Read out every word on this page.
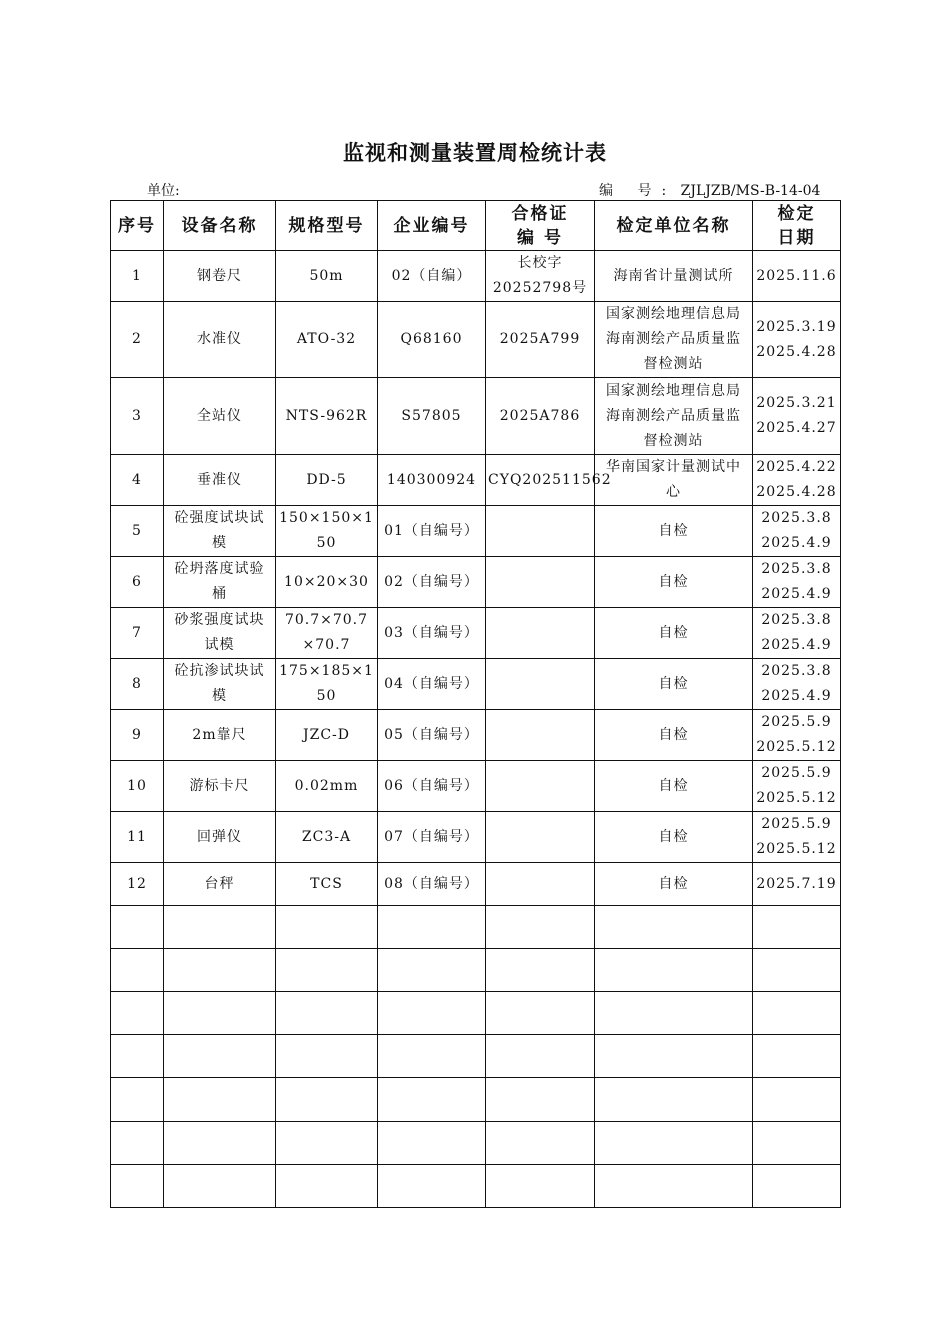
监视和测量装置周检统计表
单位:	编 号: ZJLJZB/MS-B-14-04
序号	设备名称	规格型号	企业编号	合格证
编 号	检定单位名称	检定
日期
1	钢卷尺	50m	02（自编）	长校字
20252798号	海南省计量测试所	2025.11.6
2	水准仪	ATO-32	Q68160	2025A799	国家测绘地理信息局
海南测绘产品质量监
督检测站	2025.3.19
2025.4.28
3	全站仪	NTS-962R	S57805	2025A786	国家测绘地理信息局
海南测绘产品质量监
督检测站	2025.3.21
2025.4.27
4	垂准仪	DD-5	140300924	CYQ202511562	华南国家计量测试中
心	2025.4.22
2025.4.28
5	砼强度试块试
模	150×150×1
50	01（自编号）		自检	2025.3.8
2025.4.9
6	砼坍落度试验
桶	10×20×30	02（自编号）		自检	2025.3.8
2025.4.9
7	砂浆强度试块
试模	70.7×70.7
×70.7	03（自编号）		自检	2025.3.8
2025.4.9
8	砼抗渗试块试
模	175×185×1
50	04（自编号）		自检	2025.3.8
2025.4.9
9	2m靠尺	JZC-D	05（自编号）		自检	2025.5.9
2025.5.12
10	游标卡尺	0.02mm	06（自编号）		自检	2025.5.9
2025.5.12
11	回弹仪	ZC3-A	07（自编号）		自检	2025.5.9
2025.5.12
12	台秤	TCS	08（自编号）		自检	2025.7.19
